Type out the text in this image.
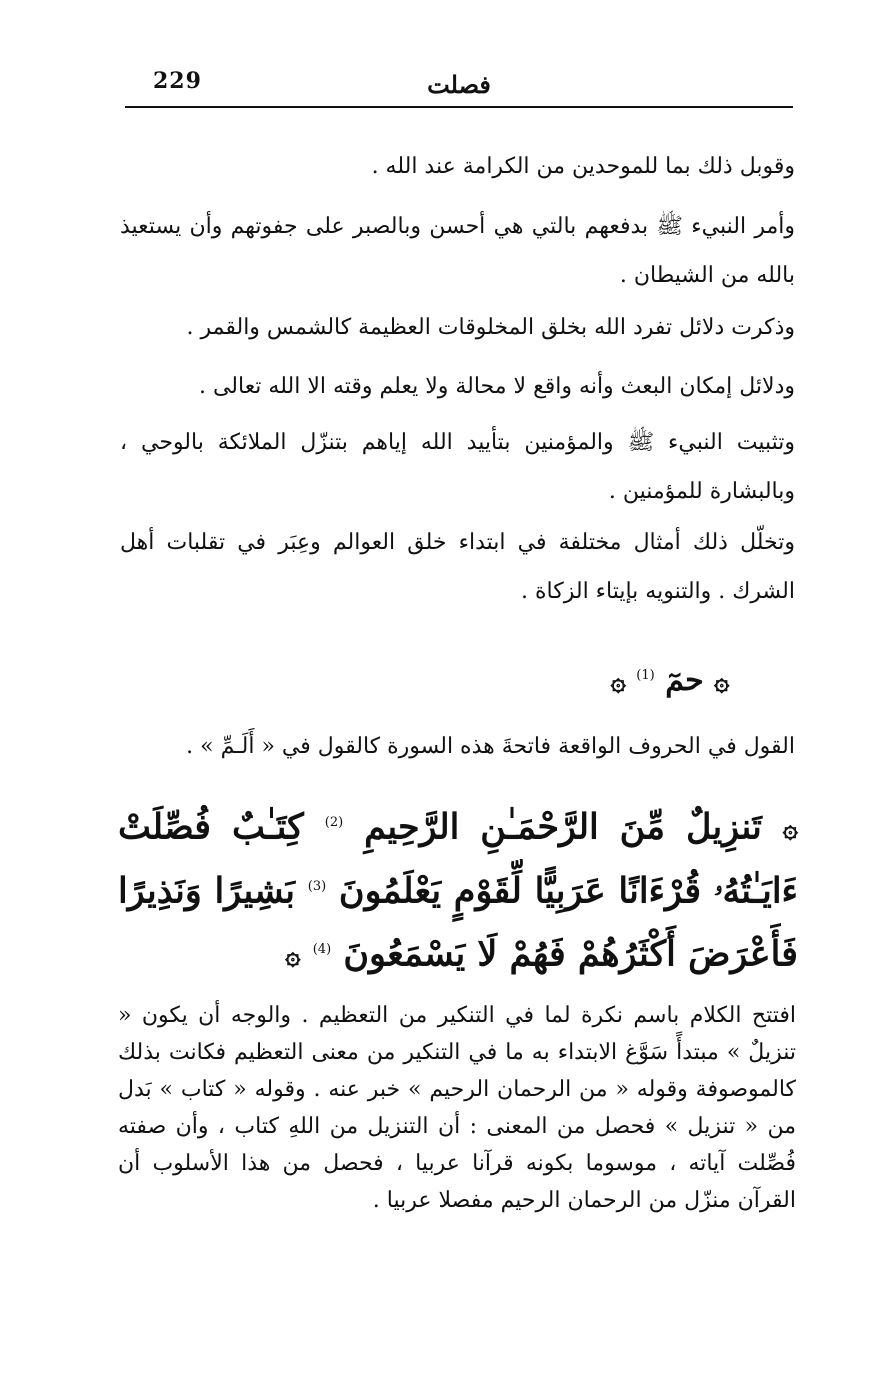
229	فصلت
وقوبل ذلك بما للموحدين من الكرامة عند الله .
وأمر النبيء ﷺ بدفعهم بالتي هي أحسن وبالصبر على جفوتهم وأن يستعيذ بالله من الشيطان .
وذكرت دلائل تفرد الله بخلق المخلوقات العظيمة كالشمس والقمر .
ودلائل إمكان البعث وأنه واقع لا محالة ولا يعلم وقته الا الله تعالى .
وتثبيت النبيء ﷺ والمؤمنين بتأييد الله إياهم بتنزّل الملائكة بالوحي ، وبالبشارة للمؤمنين .
وتخلّل ذلك أمثال مختلفة في ابتداء خلق العوالم وعِبَر في تقلبات أهل الشرك . والتنويه بإيتاء الزكاة .
۞ حمٓ $^{(1)}$ ۞
القول في الحروف الواقعة فاتحةَ هذه السورة كالقول في « أَلَـمِّ » .
۞ تَنزِيلٌ مِّنَ الرَّحْمَـٰنِ الرَّحِيمِ $^{(2)}$ كِتَـٰبٌ فُصِّلَتْ ءَايَـٰتُهُۥ قُرْءَانًا عَرَبِيًّا لِّقَوْمٍ يَعْلَمُونَ $^{(3)}$ بَشِيرًا وَنَذِيرًا فَأَعْرَضَ أَكْثَرُهُمْ فَهُمْ لَا يَسْمَعُونَ $^{(4)}$ ۞
افتتح الكلام باسم نكرة لما في التنكير من التعظيم . والوجه أن يكون « تنزيلٌ » مبتدأً سَوَّغ الابتداء به ما في التنكير من معنى التعظيم فكانت بذلك كالموصوفة وقوله « من الرحمان الرحيم » خبر عنه . وقوله « كتاب » بَدل من « تنزيل » فحصل من المعنى : أن التنزيل من اللهِ كتاب ، وأن صفته فُصِّلت آياته ، موسوما بكونه قرآنا عربيا ، فحصل من هذا الأسلوب أن القرآن منزّل من الرحمان الرحيم مفصلا عربيا .
